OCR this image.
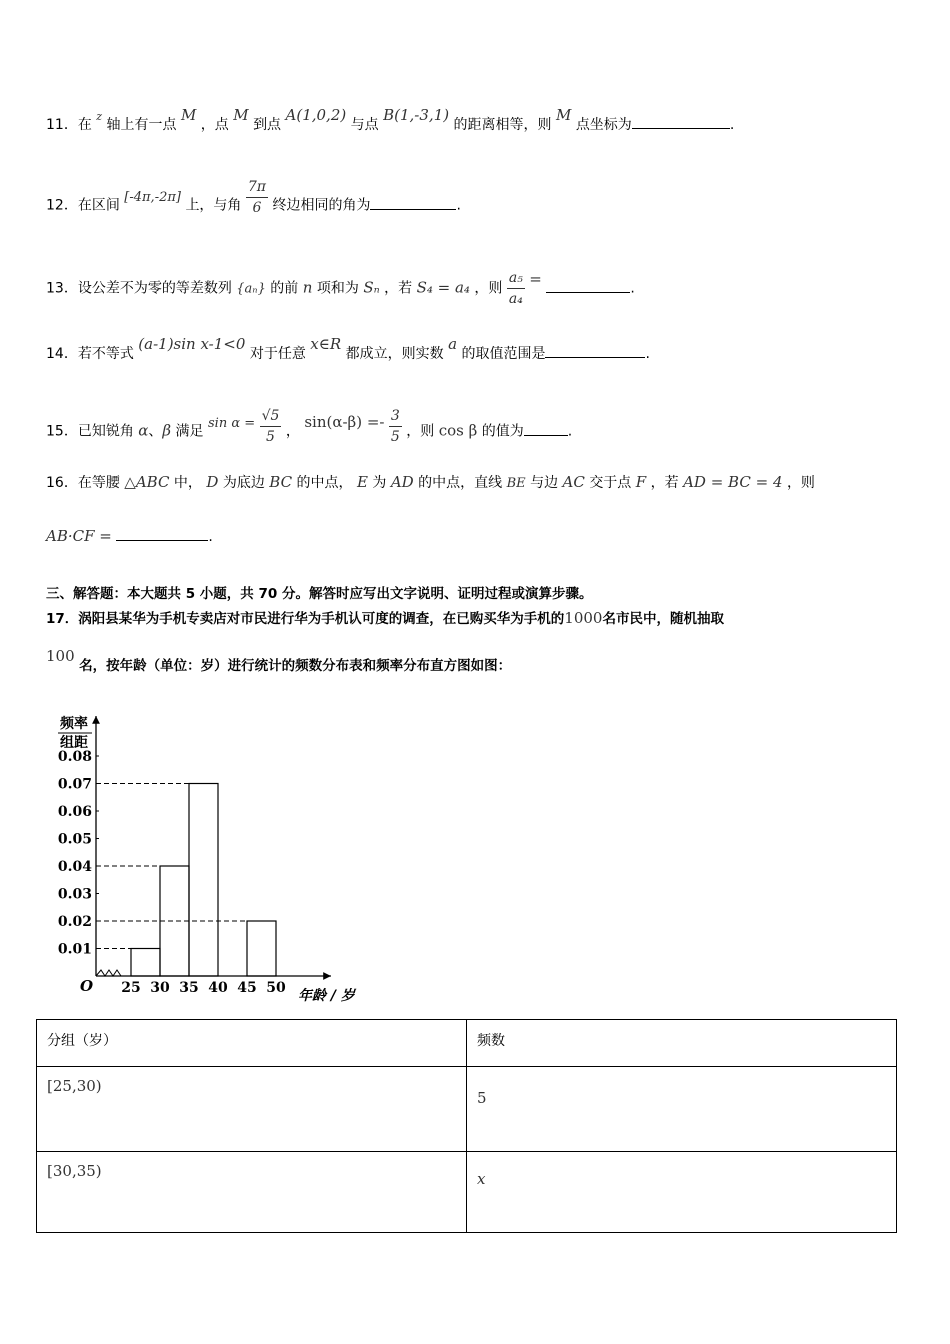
11．在 $^z$ 轴上有一点 M ，点 M 到点 A(1,0,2) 与点 B(1,-3,1) 的距离相等，则 M 点坐标为	.
12．在区间 [-4π,-2π] 上，与角 $\frac{7\pi}{6}$ 终边相同的角为	.
13．设公差不为零的等差数列 {aₙ} 的前 n 项和为 Sₙ ，若 S₄ = a₄ ，则 $\frac{\text{a₅}}{\text{a₄}}$ = .
14．若不等式 (a-1)sin x-1<0 对于任意 x∈R 都成立，则实数 a 的取值范围是	.
15．已知锐角 α、β 满足 $\sin \alpha = \frac{√5}{5}$ ， $\sin(\alpha-\beta) =- \frac{3}{5}$ ，则 cos β 的值为	.
16．在等腰 △ABC 中， D 为底边 BC 的中点， E 为 AD 的中点，直线 BE 与边 AC 交于点 F ，若 AD = BC = 4 ，则
AB·CF =	.
三、解答题：本大题共 5 小题，共 70 分。解答时应写出文字说明、证明过程或演算步骤。
17．涡阳县某华为手机专卖店对市民进行华为手机认可度的调查，在已购买华为手机的1000名市民中，随机抽取
100 名，按年龄（单位：岁）进行统计的频数分布表和频率分布直方图如图：
0.01
0.02
0.03
0.04
0.05
0.06
0.07
0.08
25 30 35 40 45 50
频率
组距
O
年龄 / 岁
分组（岁）	频数
[25,30)	5
[30,35)	x
